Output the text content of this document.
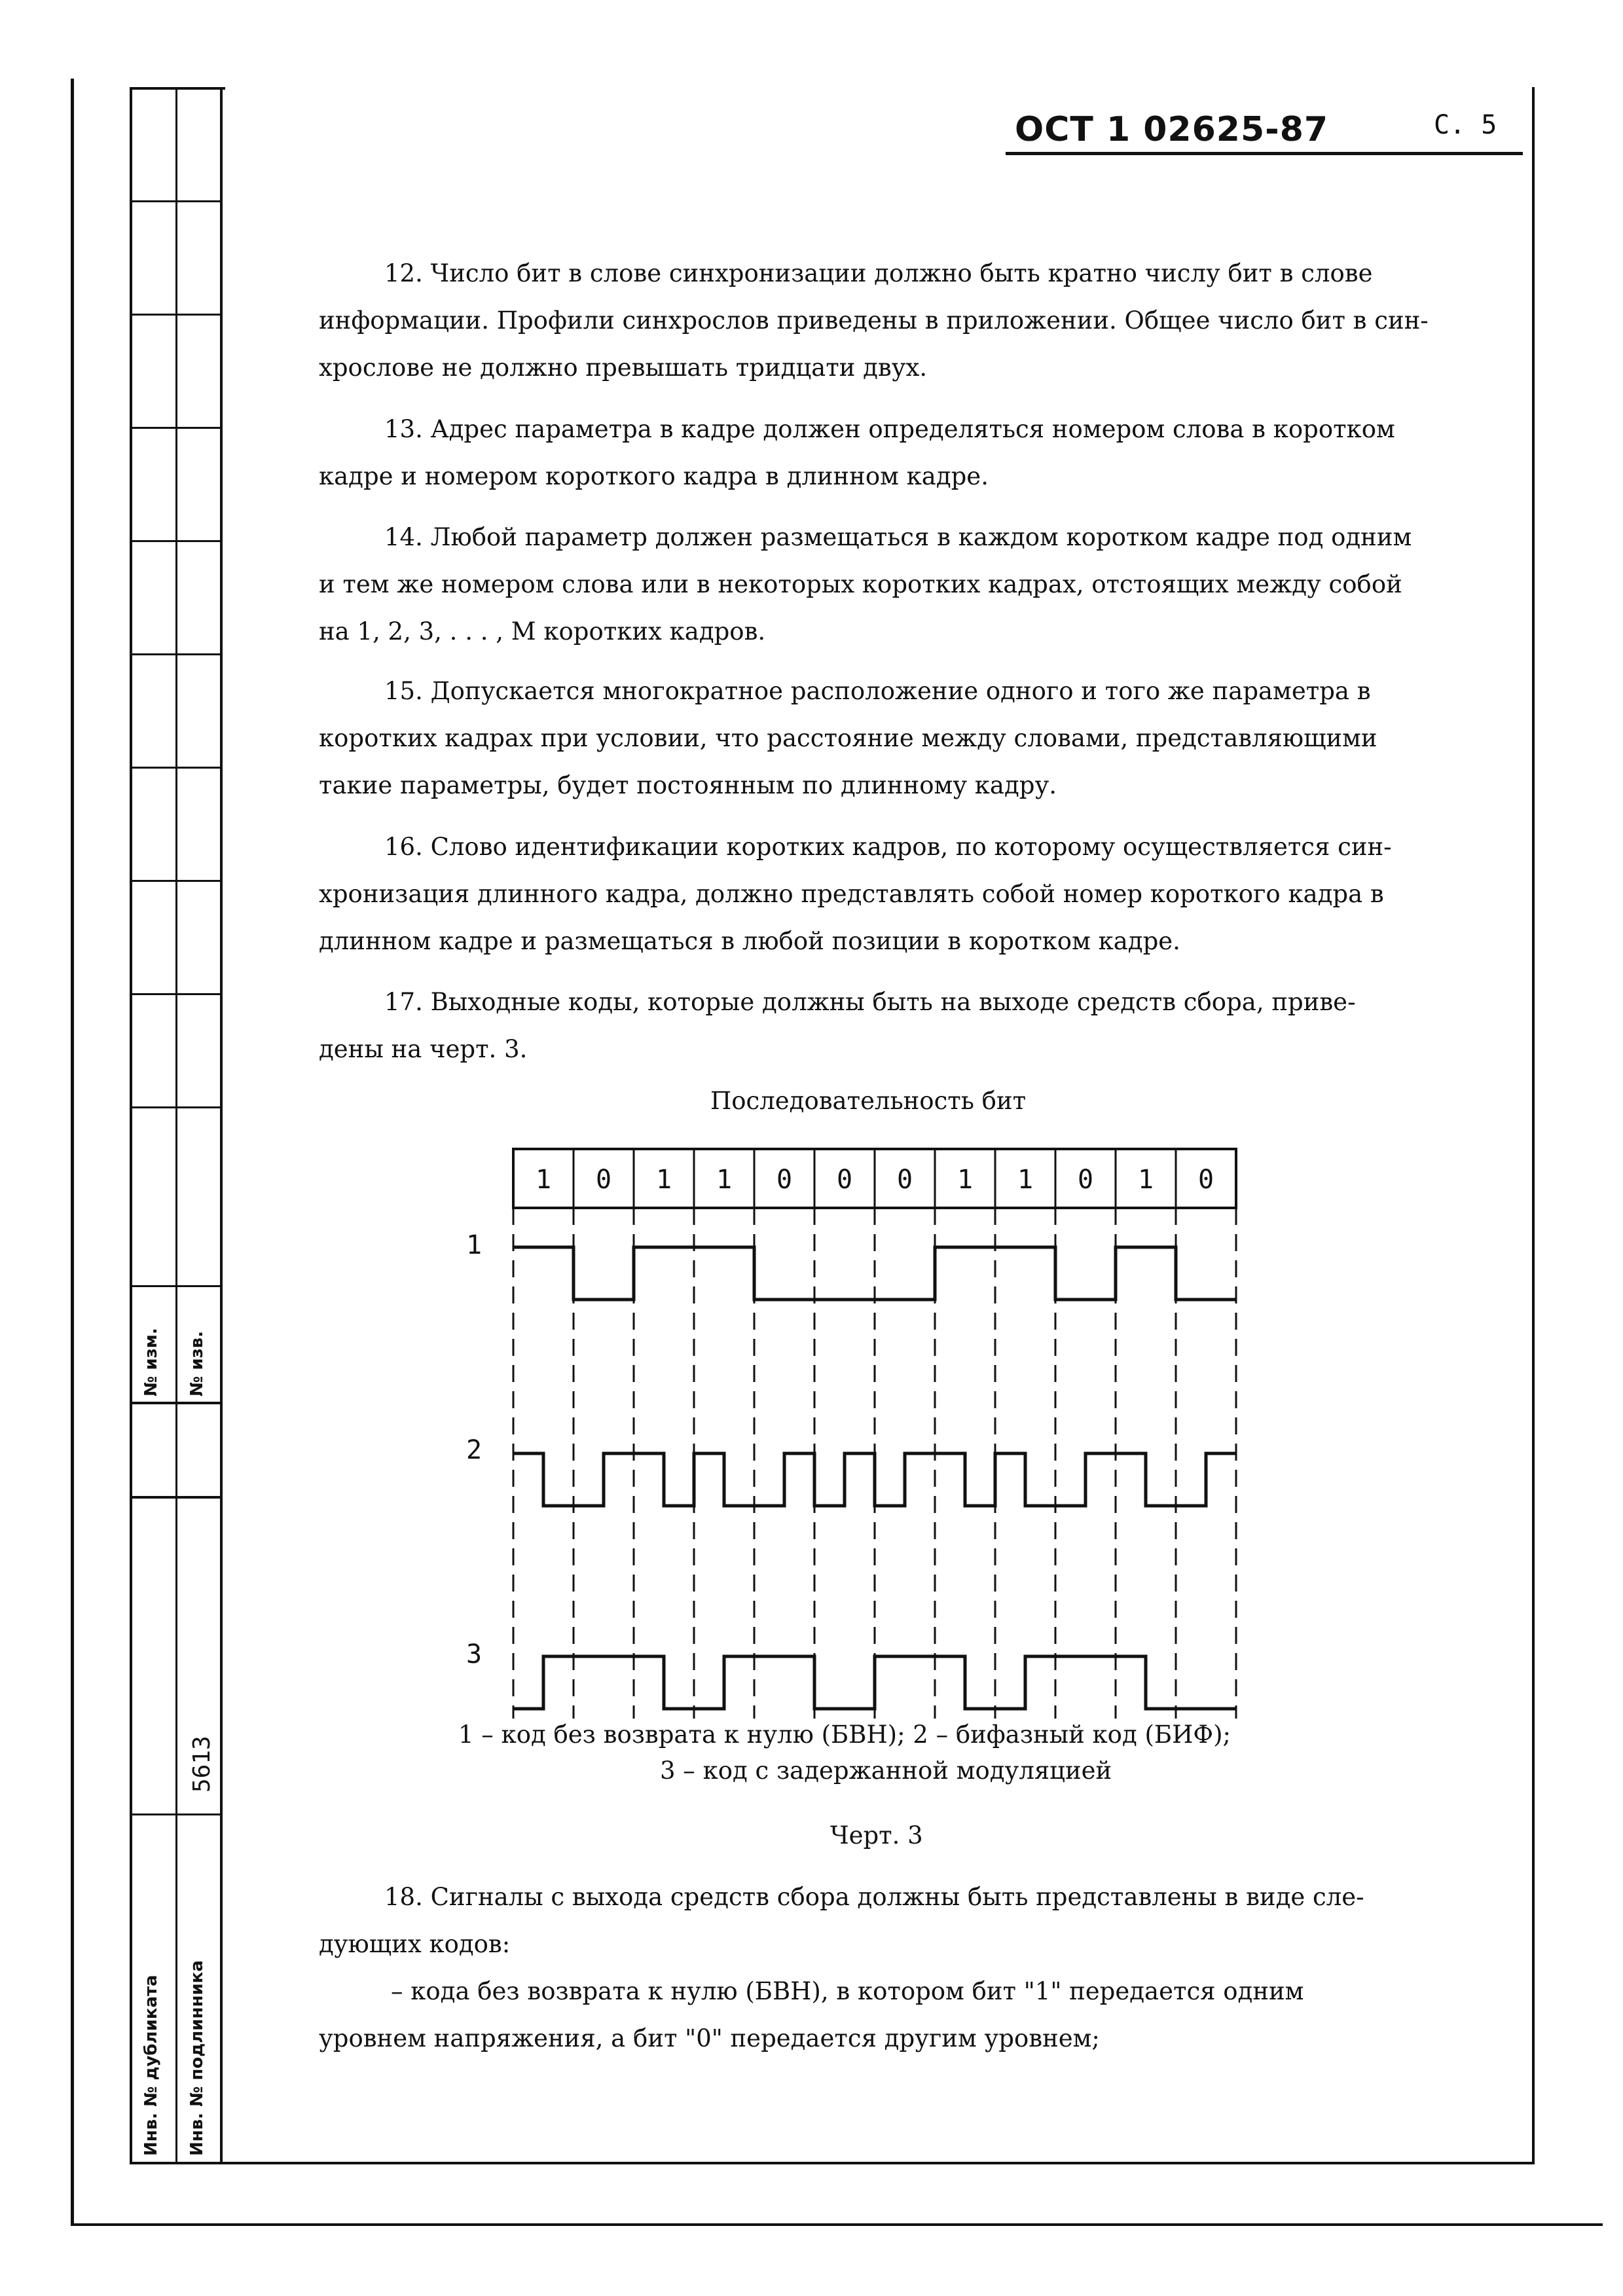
№ изм. № изв.
5613
Инв. № дубликата Инв. № подлинника
ОСТ 1 02625-87	С. 5
12. Число бит в слове синхронизации должно быть кратно числу бит в слове
информации. Профили синхрослов приведены в приложении. Общее число бит в син-
хрослове не должно превышать тридцати двух.
13. Адрес параметра в кадре должен определяться номером слова в коротком
кадре и номером короткого кадра в длинном кадре.
14. Любой параметр должен размещаться в каждом коротком кадре под одним
и тем же номером слова или в некоторых коротких кадрах, отстоящих между собой
на 1, 2, 3, . . . , M коротких кадров.
15. Допускается многократное расположение одного и того же параметра в
коротких кадрах при условии, что расстояние между словами, представляющими
такие параметры, будет постоянным по длинному кадру.
16. Слово идентификации коротких кадров, по которому осуществляется син-
хронизация длинного кадра, должно представлять собой номер короткого кадра в
длинном кадре и размещаться в любой позиции в коротком кадре.
17. Выходные коды, которые должны быть на выходе средств сбора, приве-
дены на черт. 3.
Последовательность бит
1 0 1 1 0 0 0 1 1 0 1 0
1
2
3
1 – код без возврата к нулю (БВН); 2 – бифазный код (БИФ);
3 – код с задержанной модуляцией
Черт. 3
18. Сигналы с выхода средств сбора должны быть представлены в виде сле-
дующих кодов:
– кода без возврата к нулю (БВН), в котором бит "1" передается одним
уровнем напряжения, а бит "0" передается другим уровнем;
